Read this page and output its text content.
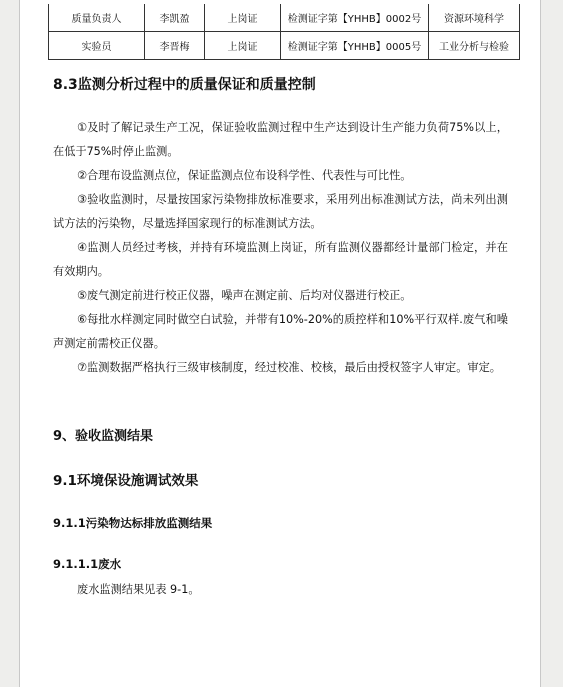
质量负责人	李凯盈	上岗证	检测证字第【YHHB】0002号	资源环境科学
实验员	李晋梅	上岗证	检测证字第【YHHB】0005号	工业分析与检验
8.3监测分析过程中的质量保证和质量控制

①及时了解记录生产工况，保证验收监测过程中生产达到设计生产能力负荷75%以上，在低于75%时停止监测。

②合理布设监测点位，保证监测点位布设科学性、代表性与可比性。

③验收监测时，尽量按国家污染物排放标准要求，采用列出标准测试方法，尚未列出测试方法的污染物，尽量选择国家现行的标准测试方法。

④监测人员经过考核，并持有环境监测上岗证，所有监测仪器都经计量部门检定，并在有效期内。

⑤废气测定前进行校正仪器，噪声在测定前、后均对仪器进行校正。

⑥每批水样测定同时做空白试验，并带有10%-20%的质控样和10%平行双样.废气和噪声测定前需校正仪器。

⑦监测数据严格执行三级审核制度，经过校准、校核，最后由授权签字人审定。审定。

9、验收监测结果
9.1环境保设施调试效果
9.1.1污染物达标排放监测结果
9.1.1.1废水

废水监测结果见表 9-1。
